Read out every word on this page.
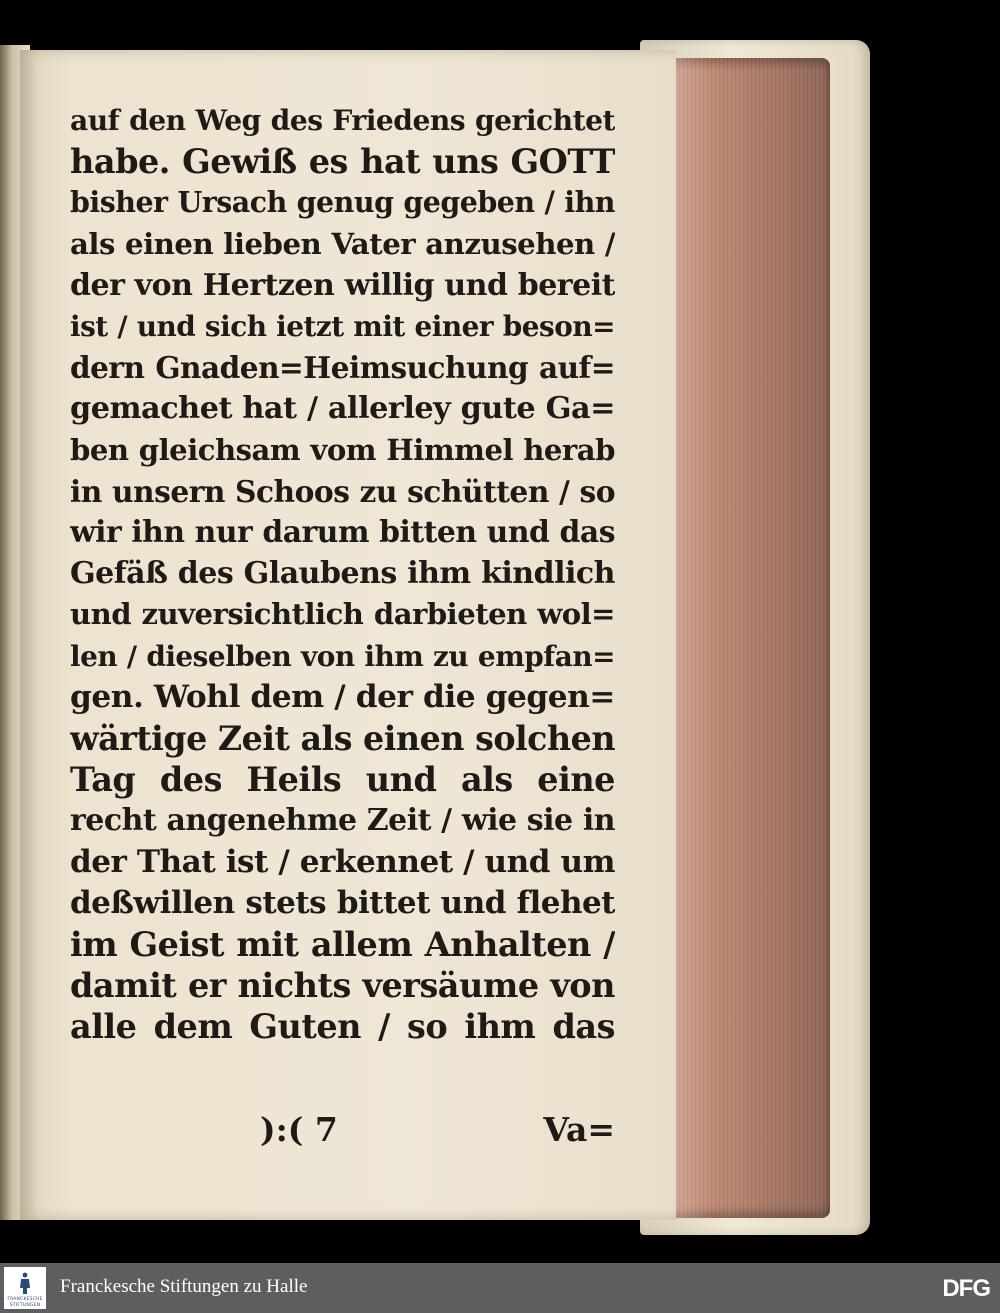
auf den Weg des Friedens gerichtet
habe. Gewiß es hat uns GOTT
bisher Ursach genug gegeben / ihn
als einen lieben Vater anzusehen /
der von Hertzen willig und bereit
ist / und sich ietzt mit einer beson=
dern Gnaden=Heimsuchung auf=
gemachet hat / allerley gute Ga=
ben gleichsam vom Himmel herab
in unsern Schoos zu schütten / so
wir ihn nur darum bitten und das
Gefäß des Glaubens ihm kindlich
und zuversichtlich darbieten wol=
len / dieselben von ihm zu empfan=
gen. Wohl dem / der die gegen=
wärtige Zeit als einen solchen
Tag des Heils und als eine
recht angenehme Zeit / wie sie in
der That ist / erkennet / und um
deßwillen stets bittet und flehet
im Geist mit allem Anhalten /
damit er nichts versäume von
alle dem Guten / so ihm das
):( 7	Va=
FRANCKESCHE
STIFTUNGEN
Franckesche Stiftungen zu Halle	DFG
